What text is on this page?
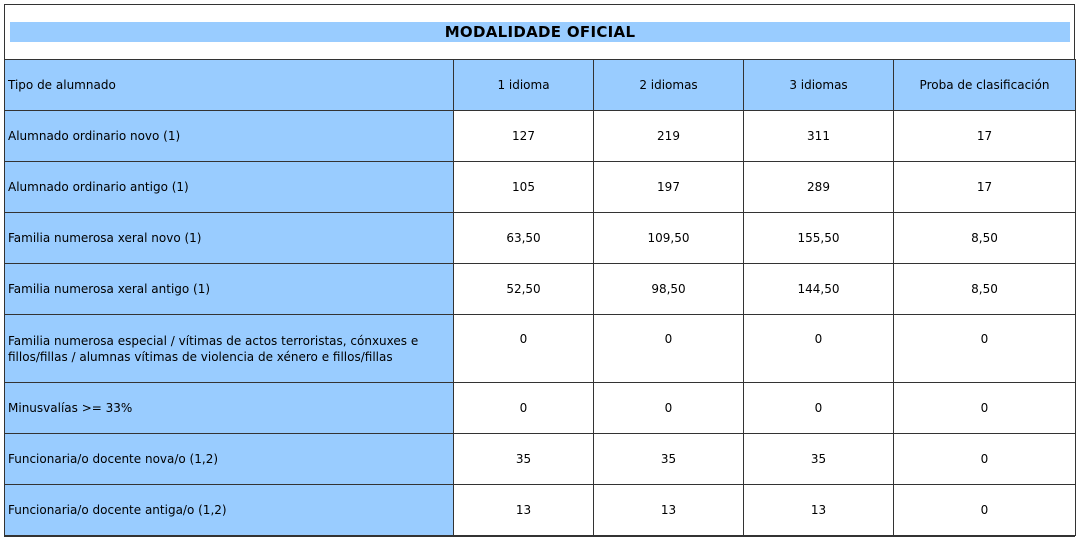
MODALIDADE OFICIAL
Tipo de alumnado	1 idioma	2 idiomas	3 idiomas	Proba de clasificación
Alumnado ordinario novo (1)	127	219	311	17
Alumnado ordinario antigo (1)	105	197	289	17
Familia numerosa xeral novo (1)	63,50	109,50	155,50	8,50
Familia numerosa xeral antigo (1)	52,50	98,50	144,50	8,50
Familia numerosa especial / vítimas de actos terroristas, cónxuxes e fillos/fillas / alumnas vítimas de violencia de xénero e fillos/fillas	0	0	0	0
Minusvalías >= 33%	0	0	0	0
Funcionaria/o docente nova/o (1,2)	35	35	35	0
Funcionaria/o docente antiga/o (1,2)	13	13	13	0
